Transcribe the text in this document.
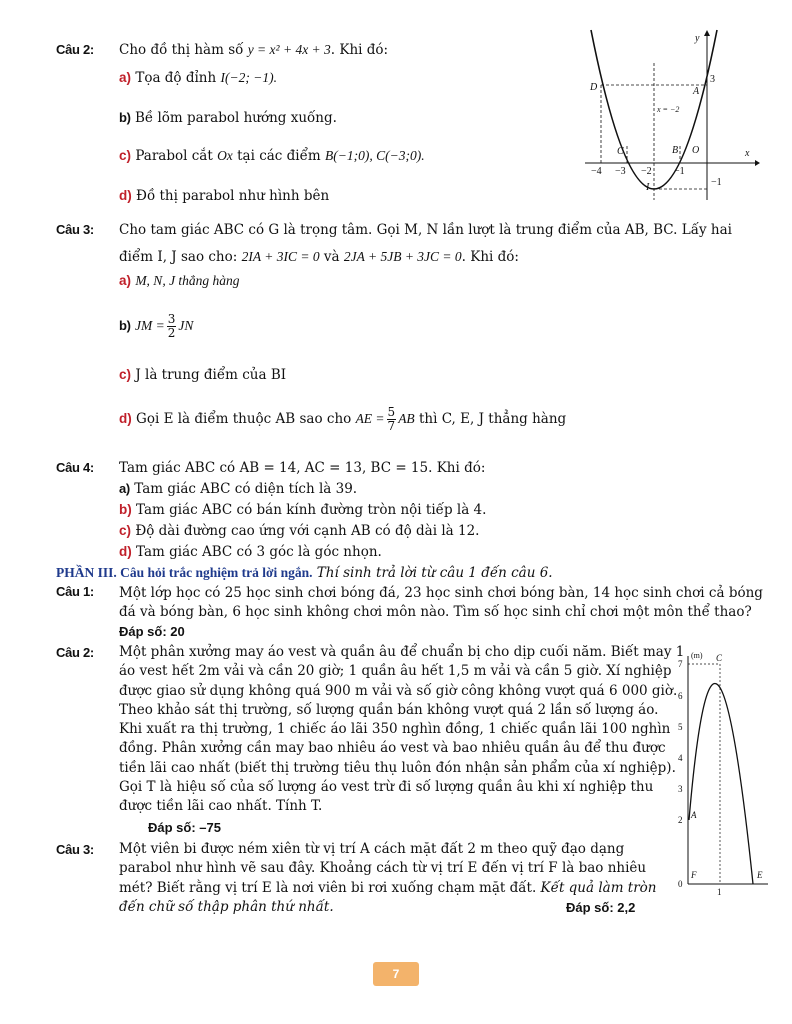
Câu 2: Cho đồ thị hàm số y = x² + 4x + 3. Khi đó:
a) Tọa độ đỉnh I(−2; −1).
b) Bề lõm parabol hướng xuống.
c) Parabol cắt Ox tại các điểm B(−1;0), C(−3;0).
d) Đồ thị parabol như hình bên
y
x
D	A
3
x = −2
C	B O
−4 −3 −2 −1
I	−1
Câu 3: Cho tam giác ABC có G là trọng tâm. Gọi M, N lần lượt là trung điểm của AB, BC. Lấy hai
điểm I, J sao cho: 2IA + 3IC = 0 và 2JA + 5JB + 3JC = 0. Khi đó:
a) M, N, J thẳng hàng
b) JM = $\frac{3}{2}$ JN
c) J là trung điểm của BI
d) Gọi E là điểm thuộc AB sao cho AE = $\frac{5}{7}$ AB thì C, E, J thẳng hàng
Câu 4: Tam giác ABC có AB = 14, AC = 13, BC = 15. Khi đó:
a) Tam giác ABC có diện tích là 39.
b) Tam giác ABC có bán kính đường tròn nội tiếp là 4.
c) Độ dài đường cao ứng với cạnh AB có độ dài là 12.
d) Tam giác ABC có 3 góc là góc nhọn.
PHẦN III. Câu hỏi trắc nghiệm trả lời ngắn. Thí sinh trả lời từ câu 1 đến câu 6.
Câu 1: Một lớp học có 25 học sinh chơi bóng đá, 23 học sinh chơi bóng bàn, 14 học sinh chơi cả bóng
đá và bóng bàn, 6 học sinh không chơi môn nào. Tìm số học sinh chỉ chơi một môn thể thao?
Đáp số: 20
Câu 2: Một phân xưởng may áo vest và quần âu để chuẩn bị cho dịp cuối năm. Biết may 1
áo vest hết 2m vải và cần 20 giờ; 1 quần âu hết 1,5 m vải và cần 5 giờ. Xí nghiệp
được giao sử dụng không quá 900 m vải và số giờ công không vượt quá 6 000 giờ.
Theo khảo sát thị trường, số lượng quần bán không vượt quá 2 lần số lượng áo.
Khi xuất ra thị trường, 1 chiếc áo lãi 350 nghìn đồng, 1 chiếc quần lãi 100 nghìn
đồng. Phân xưởng cần may bao nhiêu áo vest và bao nhiêu quần âu để thu được
tiền lãi cao nhất (biết thị trường tiêu thụ luôn đón nhận sản phẩm của xí nghiệp).
Gọi T là hiệu số của số lượng áo vest trừ đi số lượng quần âu khi xí nghiệp thu
được tiền lãi cao nhất. Tính T.
Đáp số: –75
Câu 3: Một viên bi được ném xiên từ vị trí A cách mặt đất 2 m theo quỹ đạo dạng
parabol như hình vẽ sau đây. Khoảng cách từ vị trí E đến vị trí F là bao nhiêu
mét? Biết rằng vị trí E là nơi viên bi rơi xuống chạm mặt đất. Kết quả làm tròn
đến chữ số thập phân thứ nhất.	Đáp số: 2,2
(m) C
A
F	E
7
6
5
4
3
2
0
1
7
